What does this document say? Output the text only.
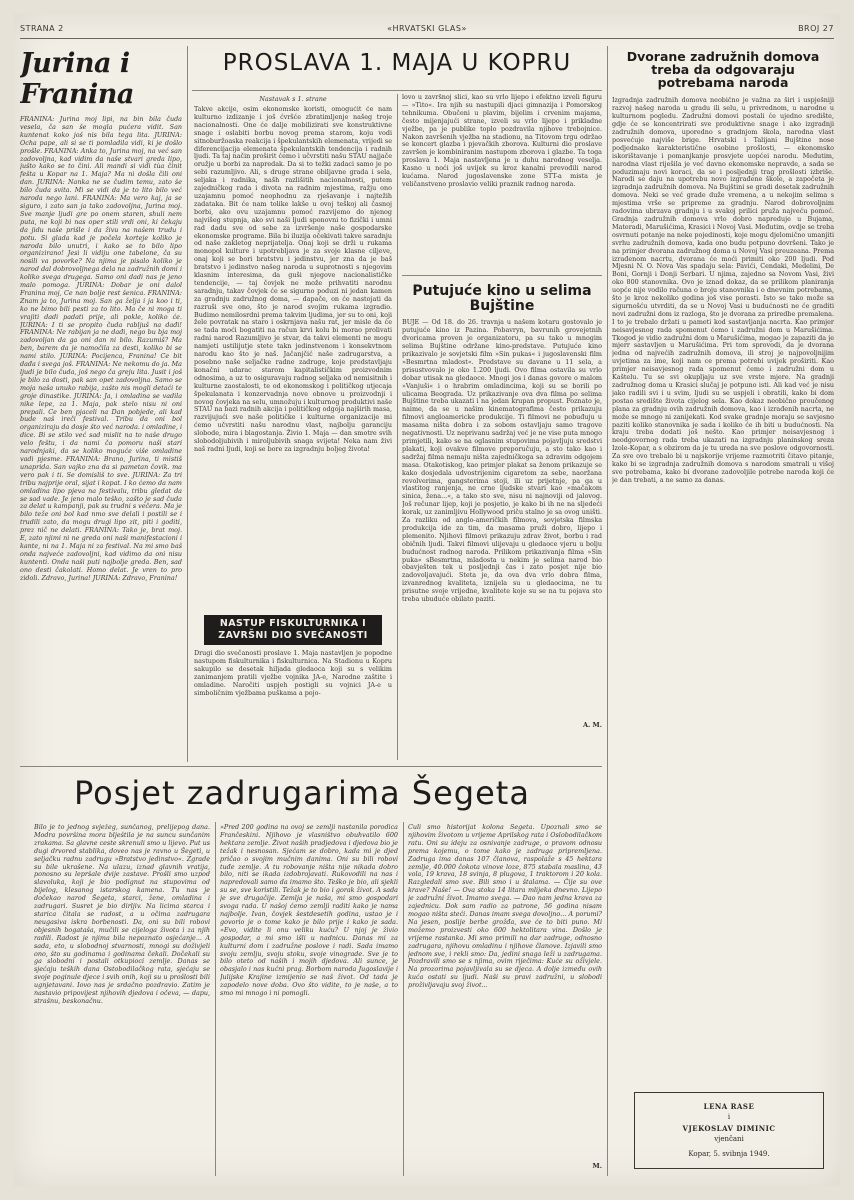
STRANA 2	«HRVATSKI GLAS»	BROJ 27
Jurina i Franina
FRANINA: Jurina moj lipi, na bin bila čuda vesela, ča san še mogla pućera vidit. San kuntenat koko još nis bila tega lita. JURINA: Ocha pape, ali si se ti pomladila vidi, ki je došlo prošle. FRANINA: Anka to, Jurina moj, na već san zadovoljna, kad vidim da naše stvari greda lipo, jušto kako se to čini. Ali mandi si vidi tùa činit fešta u Kopar na 1. Maja? Ma ni došla čili oni dan. JURINA: Nanka ne se čudim temu, zato še bilo čuda svita. Mi se vidi da je to lito bilo već naroda nego lani. FRANINA: Ma vero kaj, ja se siguro, i zato san ja tako zadovoljna, Jurina moj. Sve manje ljudi gre po onem staren, shuli nem puta, ne koji bi nas oper stili vrdi oni, ki čekaju da jidu naše prišle i da živu na našem trudu i potu. Si glada kad je počela korteje koliko je naroda bilo unutri, i kako se to bilo lipo organizirano! Jesi li vidiju one tabelone, ča su nosili va povorke? Na njima je pisalo koliko je narod dal dobrovoljnega dela na zadružnih domi i koliko svega drugega. Samo oni dadi nas je jeno malo pomoga. JURINA: Dobar je oni dalol Franina moj, Ce nan bolje rest šenica. FRANINA: Znam ja to, Jurina moj. San ga želja i ja koo i ti, ko ne bimo bili pesti za to lito. Ma če ni moga ti vrajiti dadi padati prije, ali pokle, koliko će. JURINA: I ti se propito čuda rabljuš na dađi! FRANINA: Ne rabijan ja ne dađi, nego bu bja moj zadovoljan da ga oni dan ni bilo. Razumiš? Ma ben, barem da je namočila za desti, koliko bi se nami stilo. JURINA: Pocijenca, Franina! Ce bit dađa i svega još. FRANINA: Ne nekomu do ja. Ma ljudi je bilo čuda, još nego ča greju lita. Jusit i još je bilo za dosti, pak san opet zadovoljna. Samo se moja naša unuko rabija, zašto nis mogli detaći te groje dinastike. JURINA: Ja, i omladina se vadila nike lepe, za 1. Maja, pak stelo nisu ni oni prepali. Ce ben pjaceli na Dan pobjede, ali kad bude naš ireči festival. Tribu da oni bol organiziraju da dosje što već naroda. i omladine, i dice. Bi se stilo već sad mislit na to naše drugo velo feštu, i da nami ča pomoru naši stari narodnjaki, da se koliko moguće više omladine vadi pjesme. FRANINA: Brano, Jurina, ti mistiš unaprida. San vajko zna da si pametan čovik. ma vero pak i ti. Se domisliš to sve. JURINA: Za tri tribu najprije oral, sijat i kopat. I ko ćemo da nam omladina lipo pjeva na festivalu, tribu gledat da se sad vade. Je jeno malo teško, zašto je sad čuda za delat u kampanji, pak su trudni s večera. Ma je bilo teže oni bol kad nmo sve delali i postili se i trudili zato, da mogu drugi lipo zit, piti i goditi, prez nič ne delati. FRANINA: Tako je, brat moj. E, zato njimi ni ne greda oni naši manifestacioni i kante, ni na 1. Maja ni za festival. Na mi smo baš onda najveće zadovoljni, kad vidimo da oni nisu kuntenti. Onda naši puti najbolje greda. Ben, sad ono desti čakolati. Homo delat. Je vren to pro zidoli. Zdravo, Jurina! JURINA: Zdravo, Franina!
PROSLAVA 1. MAJA U KOPRU
Nastavak s 1. strane
Takve akcije, osim ekonomske koristi, omogućit će nam kulturno izdizanje i još ćvršće zbratimljenje našeg troje nacionalnosti. One će dalje mobilizirati sve konstruktivne snage i oslabiti borbu novog prema starom, koju vodi sitnoburžoaska reakcija i špekulantskih elemenata, vrijedi se diferencijacija elemenata špekulantskih tendencija i radnih ljudi. Ta taj način proširit ćemo i učvrstiti našu STAU najjače oružje u borbi za napredak. Da si to težki zadaci samo je po sebi razumljivo. Ali, s druge strane obiljavne grada i sela, seljaka i radnika, našh razlišitih nacionalnosti, putem zajedničkog rada i divota na radnim mjestima, ražju ono uzajamnu pomoć neophodnu za rješavanje i najtežih zadataka. Bit će nam tolike lakše u ovoj teškoj ali časnoj borbi, ako ovu uzajamnu pomoć razvijemo do njenog najvišeg stupnja, ako svi naši ljudi sponovni to fizički i umni rad dadu sve od sebe za izvršenje naše gospodarske ekonomske programe. Bila bi iluzija očekivati takve saradnju od naše zakletog neprijatelja. Onaj koji se drži u rukama monopol kulture i upotrebljava je za svoje klasne ciljeve, onaj koji se bori bratstvu i jedinstvu, jer zna da je baš bratstvo i jedinstvo našeg naroda u suprotnosti s njegovim klasnim interesima, da guši njegove nacionalističke tendencije, — taj čovjek ne može prihvatiti narodnu saradnju, takav čovjek će se sigurno poduzi ni jedan kamen za gradnju zadružnog doma, — dapače, on će nastojati da razruši sve ono, što je narod svojim rukama izgradio. Budimo nemilosrdni prema takvim ljudima, jer su to oni, koji žele povratak na staro i oskrnjava našu rat, jer misle da će se tada moći bogatiti na račun krvi kolu bi morao prolivati radni narod Razumljivo je stvar, da takvi elementi ne mogu namjeti ustilijutje stete takn jedinstvenom i konsekvtnom narodu kao što je naš. Jačanjčić naše zadrugarstva, a posebno naše seljačke radne zadruge, koje predstavljaju konačni udarac starom kapitalističkim proizvodnim odnosima, a uz to osiguravaju radnog seljaka od nemisitnih i kulturne zaostalosti, te od ekonomskog i političkog utjecaja špekulanata i konzervadnja nove obnove u proizvodnji i novog čovjeka na selu, umnožuju i kulturnog produktivi naše STAU na bazi radnih akcija i političkog odgoja najširih masa, razvijujući sve naše političke i kulturne organizacije mi ćemo učvrstiti našu narodnu vlast, najbolju garanciju slobode, mira i blagostanja. Živio 1. Maja — dan smotre svih slobodoljubivih i miroljubivih snaga svijeta! Neka nam živi naš radni ljudi, koji se bore za izgradnju boljeg života!
NASTUP FISKULTURNIKA I ZAVRŠNI DIO SVEČANOSTI
Drugi dio svečanosti proslave 1. Maja nastavljen je popodne nastupom fiskulturnika i fiskulturnica. Na Stadionu u Kopru sakupilo se desetak hiljada gledaoca koji su s velikim zanimanjem pratili vježbe vojnika JA-e, Narodne zaštite i omladine. Naročiti uspjeh postigli su vojnici JA-e u simboličnim vježbama puškama a pojo-
lovo u završnoj slici, kao su vrlo lijepo i efektno izveli figuru — »Tito«. Ira njih su nastupili djaci gimnazija i Pomorskog tehnikuma. Obučeni u plavim, bijelim i crvenim majama, često mijenjajući strane, izveli su vrlo lijepo i prikladne vježbe, pa je publike toplo pozdravila njihove trebojnice. Nakon završenih vježba na stadionu, na Titovom trgu održao se koncert glazba i pjevačkih zborova. Kulturni dio proslave završen je kombiniranim nastupom zborova i glazbe. Ta toga proslava 1. Maja nastavljena je u duhu narodnog veselja. Kasno u noći još uvijek su kroz kanalni prevođili narod kućama. Narod jugoslavenske zone STT-a mista je veličanstveno proslavio veliki praznik radnog naroda.
Putujuće kino u selima Bujštine
BUJE — Od 18. do 26. travnja u našem kotaru gostovalo je putujuće kino iz Pazina. Pobavryn, bavrunih grovejetnih dvoricama proven je organizatoru, pa su tako u mnogim selima Bujštine održane kino-predstave. Putujuće kino prikazivalo je sovjetski film »Sin pukas« i jugoslavenski film »Besmrtna mladost«. Predstave su davane u 11 sela, a prisustvovalo je oko 1.200 ljudi. Ovo filma ostavila su vrlo dobar utisak na gledaoce. Mnogi jos i danas govore o malom »Vanjuši« i o hrabrim omladincima, koji su se borili po ulicama Beograda. Uz prikazivanje ova dva filma po selima Bujštine treba ukazati i na jedan krupan propust. Poznato je, naime, da se u našim kinematografima često prikazuju filmovi angloamericke produkcije. Ti filmovi ne pobuđuju u masama ništa dobra i za sobom ostavljaju samo tragove negativnosti. Uz neprivanu sadržaj već je ne vise puta mnogo primjetili, kako se na oglasnim stupovima pojavljuju sredstvi plakati, koji ovakve filmove preporučuju, a sto tako kao i sadržaj filma nemaju ništa zajedničkoga sa zdravim odgojem masa. Otakotiskog, kao primjer plakat sa ženom prikazuje se kako dosjedala udvostrijenim cigaretom za sebe, naoržana revolverima, gangsterima stoji, ili uz prijetnje, pa ga u vlastitog ranjenja, ne crne ljudske stvari kao »mačakom sinica, žena...«, a tako sto sve, nisu ni najnoviji od jalovog. Još rečunar lijep, koji je posjetio, je kako bi ih ne na sljedeći korak, uz zanimljivu Hollywood priču stalno je sa ovog uništi. Za razliku od anglo-američkih filmova, sovjetska filmska produkcija ide za tim, da masama pruži dobro, lijepo i plemenito. Njihovi filmovi prikazuju zdrav život, borbu i rad običnih ljudi. Takvi filmovi ulijevaju u gledaoce vjeru u bolju budućnost radnog naroda. Prilikom prikazivanja filma »Sin puka« sBesmrtna, mladosta u nekim je selima narod bio obavješten tek u posljednji čas i zato posjet nije bio zadovoljavajući. Stetа je, da ova dva vrlo dobra filma, izvanrednog kvaliteta, iznijela su u gledaocima, ne tu prisutne svoje vrijedne, kvalitete koje su se na tu pojava sto treba ubuduće obilato paziti.
A. M.
Dvorane zadružnih domova treba da odgovaraju potrebama naroda
Izgradnja zadružnih domova neobično je važna za širi i uspješniji razvoj našeg naroda u gradu ili selu, u privrednom, u narodne u kulturnom pogledu. Zadružni domovi postali će ujedno središte, gdje će se koncentrirati sve produktivne snage i ako izgradnji zadružnih domova, uporedno s gradnjom škola, narodna vlast posvećuje najviše brige. Hrvatski i Talijani Bujštine nose podjednako karakteristične osobine prošlosti, — ekonomsko iskorištavanje i pomanjkanje prosvjete uopćei narodu. Međutim, narodna vlast riješila je već davno ekonomske nepravde, a sada se poduzimaju novi koraci, da se i posljednji trag prošlosti izbriše. Narodi se daju na upotrebu novo izgrađene škole, a započeta je izgradnja zadružnih domova. Na Bujštini se gradi desetak zadružnih domova. Neki se već grade duže vremena, a u nekojim selima s mjestima vrše se pripreme za gradnju. Narod dobrovoljnim radovima ubrzava gradnju i u svakoj prilici pruža najveću pomoć. Gradnja zadružnih domova vrlo dobro napreduje u Bujama, Materadi, Marušićima, Krasici i Novoj Vasi. Međutim, ovdje se treba osvrnuti potanje na neke pojedinosti, koje mogu djelomično umanjiti svrhu zadružnih domova, kada ono budu potpuno dovršeni. Tako je na primjer dvorana zadružnog doma u Novoj Vasi preuzeana. Prema izrađenom nacrtu, dvorana će moći primiti oko 200 ljudi. Pod Mjesni N. O. Nova Vas spadaju sela: Pavići, Cendaki, Medelini, De Boni, Gornji i Donji Serbari. U njima, zajedno sa Novom Vasi, živi oko 800 stanovnika. Ovo je iznad dokaz, da se prilikom planiranja uopće nije vodilo računa o broju stanovnika i o dnevnim potrebama, što je kroz nekoliko godina još vise porasti. Isto se tako može sa sigurnošću utvrditi, da se u Novoj Vasi u budućnosti ne će graditi novi zadružni dom iz razloga, što je dvorana za priredbe premalena. I to je trebalo držati u pameti kod sastavljanja nacrta. Kao primjer neisavjesnog rada spomenut ćemo i zadružni dom u Marušićima. Tkogod je vidio zadružni dom u Marušićima, mogao je zapaziti da je mjerr sastavljen u Marušićima. Pri tom sprovodi, da je dvorana jedna od najvećih zadružnih domova, ili stroj je najpovoljnijim uvjetima za ime, koji nam ce prema potrebi uvijek proširiti. Kao primjer neisavjesnog rada spomenut ćemo i zadružni dom u Kaštelu. Tu se svi okupljaju uz sve vrste mjere. Na gradnji zadružnog doma u Krasici slučaj je potpuno isti. Ali kad već je nisu jako radili svi i u svim, ljudi su se uspjeli i obratili, kako bi dom postao središte života cijelog sela. Kao dokaz neobično proučenog plana za gradnju ovih zadružnih domova, kao i izrađenih nacrta, ne može se mnogo ni zanijekati. Kod svake gradnje moraju se savjesno paziti koliko stanovnika je sada i koliko će ih biti u budućnosti. Na kraju treba dodati još nešto. Kao primjer neisavjesnog i neodgovornog rada treba ukazati na izgradnju planinskog sreza Izole-Kopar, a s obzirom da je tu ureda na sve poslove odgovornosti. Za sve ovo trebalo bi u najskorije vrijeme razmotriti čitavo pitanje, kako bi se izgradnja zadružnih domova s narodom smatrali u višoj sve potrebama, kako bi dvorane zadovoljile potrebe naroda koji će je dan trebati, a ne samo za danas.
Posjet zadrugarima Šegeta
Bilo je to jednog svježeg, sunčanog, prelijepog dana. Modra površina mora blještila je na suncu sunčanim zrakama. Sa glavne ceste skrenuli smo u lijevo. Put us dugi drvored stablika, doveo nas je ravno u Šegeti, u seljačku radnu zadrugu »Bratstvo jedinstvo«. Zgrade su bile ukrašene. Na ulazu, iznad glavnih vratija, ponosno su lepršale dvije zastave. Prošli smo uzpod slavoluka, koji je bio podignut na stupovima od bijelog, klesanog istarskog kamena. Tu nas je dočekao narod Šegeta, starci, žene, omladina i zadrugari. Susret je bio dirljiv. Na licima starca i starica čitala se radost, a u očima zadrugara neugasiva iskra borbenosti. Da, oni su bili robovi objesnih bogataša, mučili se cijeloga života i za njih radili. Radost je njima bila nepoznato osjećanje... A sada, eto, u slobodnoj stvarnosti, mnogi su doživjeli ono, što su godinama i godinama čekali. Dočekali su ga slobodni i postali otkupioci zemlje. Danas se sjećaju teških dana Ostobodilačkog rata, sjećaju se svoje poginule djece i svih onih, koji su u prošlosti bili ugnjetavani. Iovo nas je srdačno pozdravio. Zatim je nastavio pripovijest njihovih djedova i očeva, — dapu, strašnu, beskonačnu.
»Pred 200 godina na ovoj se zemlji nastanila porodica Frančeskini. Njihovo je vlasništvo obuhvatilo 600 hektara zemlje. Život naših pradjedova i djedova bio je težak i nesnosan. Sjećam se dobro, kada mi je djed pričao o svojim mučnim danima. Oni su bili robovi tuđe zemlje. A tu robovanje ništa nije nikada dobro bilo, niti se ikada izdobrojavati. Rukovodili na nas i napredovali samo da imamo što. Teško je bio, ali sjekli su se, sve koristili. Težak je to bio i gorak život. A sada je sve drugačije. Zemlja je naša, mi smo gospodari svoga rada. U našoj ćemo zemlji raditi kako je nama najbolje. Ivan, čovjek šestdesetih godina, ustao je i govorio je o tome kako je bilo prije i kako je sada. »Evo, vidite li onu veliku kuću? U njoj je živio gospodar, a mi smo išli u nadnicu. Danas mi za kulturni dom i zadružne poslove i radi. Sada imamo svoju zemlju, svoju stoku, svoje vinograde. Sve je to bilo oteto od naših i mojih djedova. Ali sunce, je obasjalo i nas kućni prag. Borbom naroda Jugoslavije i Julijske Krajine izmijenio se naš život. Od tada je zapodelo nove doba. Ovo što vidite, to je naše, a to smo mi mnogo i ni pomogli.
Čuli smo historijat kolona Šegeta. Upoznali smo se njihovim životom u vrijeme Aprilskog rata i Oslobodilačkom ratu. Oni su ideju za osnivanje zadruge, o pravom odnosu prema kojemu, o tome kako je zadruga pripremljena. Zadruga ima danas 107 članova, raspolaže s 45 hektara zemlje, 40.000 čokota vinove loze, 875 stabala maslina, 43 vola, 19 krava, 18 svinja, 8 plugova, 1 traktorom i 20 kola. Razgledali smo sve. Bili smo i u štalama. — Čije su ove krave? Naše! — Ova stoka 14 litara mlijeka dnevno. Lijepo je zadružni život. Imamo svega. — Dao nam jedna krava za zajednicu. Dok sam radio za patrone, 56 godina nisam mogao ništa steći. Danas imam svega dovoljno... A porumi? Na jesen, poslije berbe grožđa, sve će to biti puno. Mi možemo proizvesti oko 600 hektolitara vina. Došlo je vrijeme rastanka. Mi smo primili na dar zadruge, odnosno zadrugara, njihovu omladinu i njihove članove. Izjavili smo jednom sve, i rekli smo: Da, jedini snaga leži u zadrugama. Pozdravili smo se s njima, ovim riječima: Kuće su oživjele. Na prozorima pojavljivala su se djeca. A dolje između ovih kuća ostati su ljudi. Naši su pravi zadružni, u slobodi proživljavaju svoj život...
M.
LENA RASE
i
VJEKOSLAV DIMINIC
vjenčani
Kopar, 5. svibnja 1949.
